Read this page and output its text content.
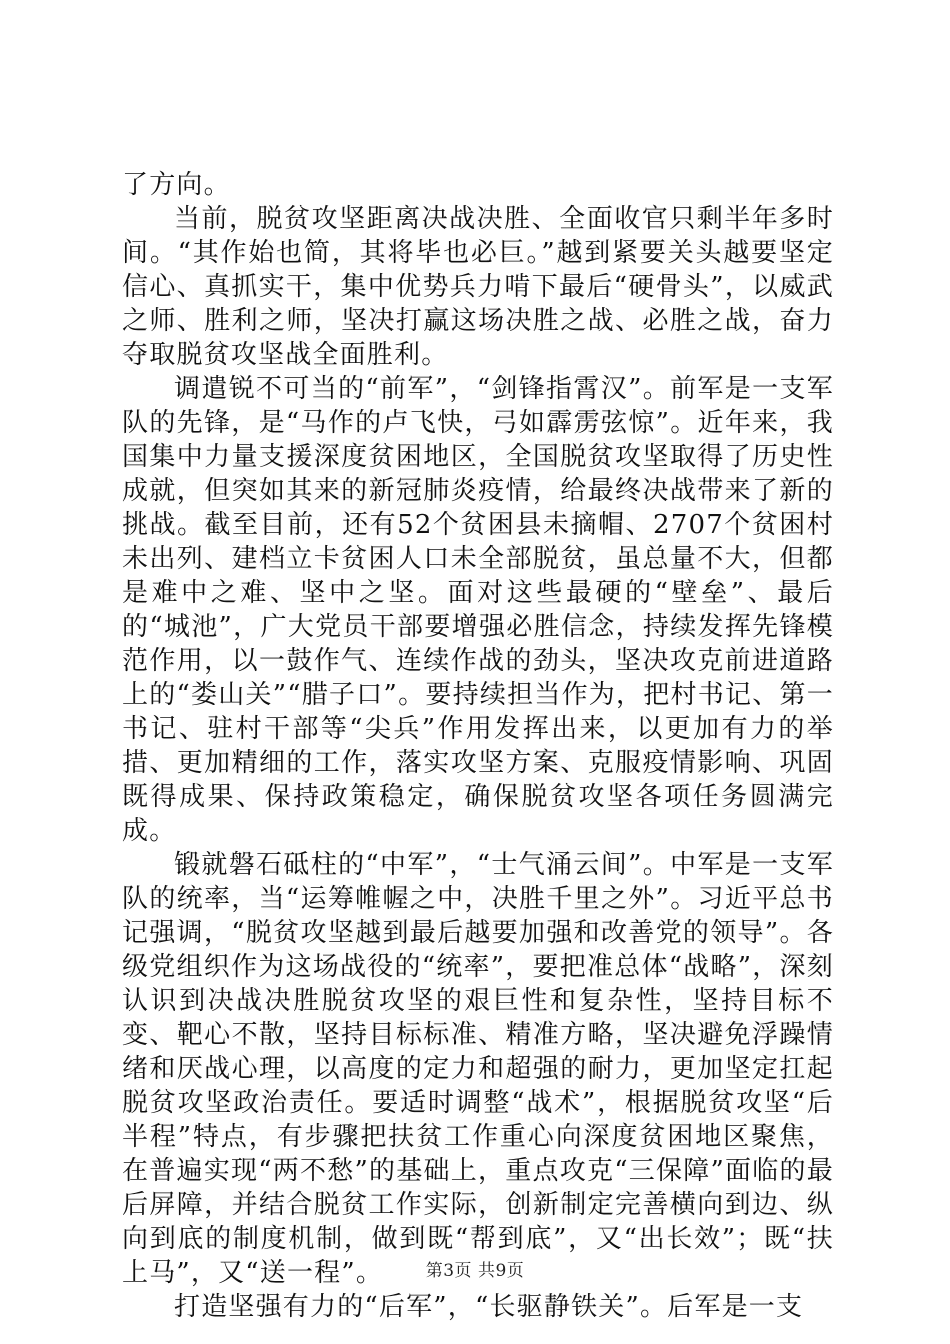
了方向。

当前，脱贫攻坚距离决战决胜、全面收官只剩半年多时间。“其作始也简，其将毕也必巨。”越到紧要关头越要坚定信心、真抓实干，集中优势兵力啃下最后“硬骨头”，以威武之师、胜利之师，坚决打赢这场决胜之战、必胜之战，奋力夺取脱贫攻坚战全面胜利。

调遣锐不可当的“前军”，“剑锋指霄汉”。前军是一支军队的先锋，是“马作的卢飞快，弓如霹雳弦惊”。近年来，我国集中力量支援深度贫困地区，全国脱贫攻坚取得了历史性成就，但突如其来的新冠肺炎疫情，给最终决战带来了新的挑战。截至目前，还有52个贫困县未摘帽、2707个贫困村未出列、建档立卡贫困人口未全部脱贫，虽总量不大，但都是难中之难、坚中之坚。面对这些最硬的“壁垒”、最后的“城池”，广大党员干部要增强必胜信念，持续发挥先锋模范作用，以一鼓作气、连续作战的劲头，坚决攻克前进道路上的“娄山关”“腊子口”。要持续担当作为，把村书记、第一书记、驻村干部等“尖兵”作用发挥出来，以更加有力的举措、更加精细的工作，落实攻坚方案、克服疫情影响、巩固既得成果、保持政策稳定，确保脱贫攻坚各项任务圆满完成。

锻就磐石砥柱的“中军”，“士气涌云间”。中军是一支军队的统率，当“运筹帷幄之中，决胜千里之外”。习近平总书记强调，“脱贫攻坚越到最后越要加强和改善党的领导”。各级党组织作为这场战役的“统率”，要把准总体“战略”，深刻认识到决战决胜脱贫攻坚的艰巨性和复杂性，坚持目标不变、靶心不散，坚持目标标准、精准方略，坚决避免浮躁情绪和厌战心理，以高度的定力和超强的耐力，更加坚定扛起脱贫攻坚政治责任。要适时调整“战术”，根据脱贫攻坚“后半程”特点，有步骤把扶贫工作重心向深度贫困地区聚焦，在普遍实现“两不愁”的基础上，重点攻克“三保障”面临的最后屏障，并结合脱贫工作实际，创新制定完善横向到边、纵向到底的制度机制，做到既“帮到底”，又“出长效”；既“扶上马”，又“送一程”。

打造坚强有力的“后军”，“长驱静铁关”。后军是一支

第3页 共9页
